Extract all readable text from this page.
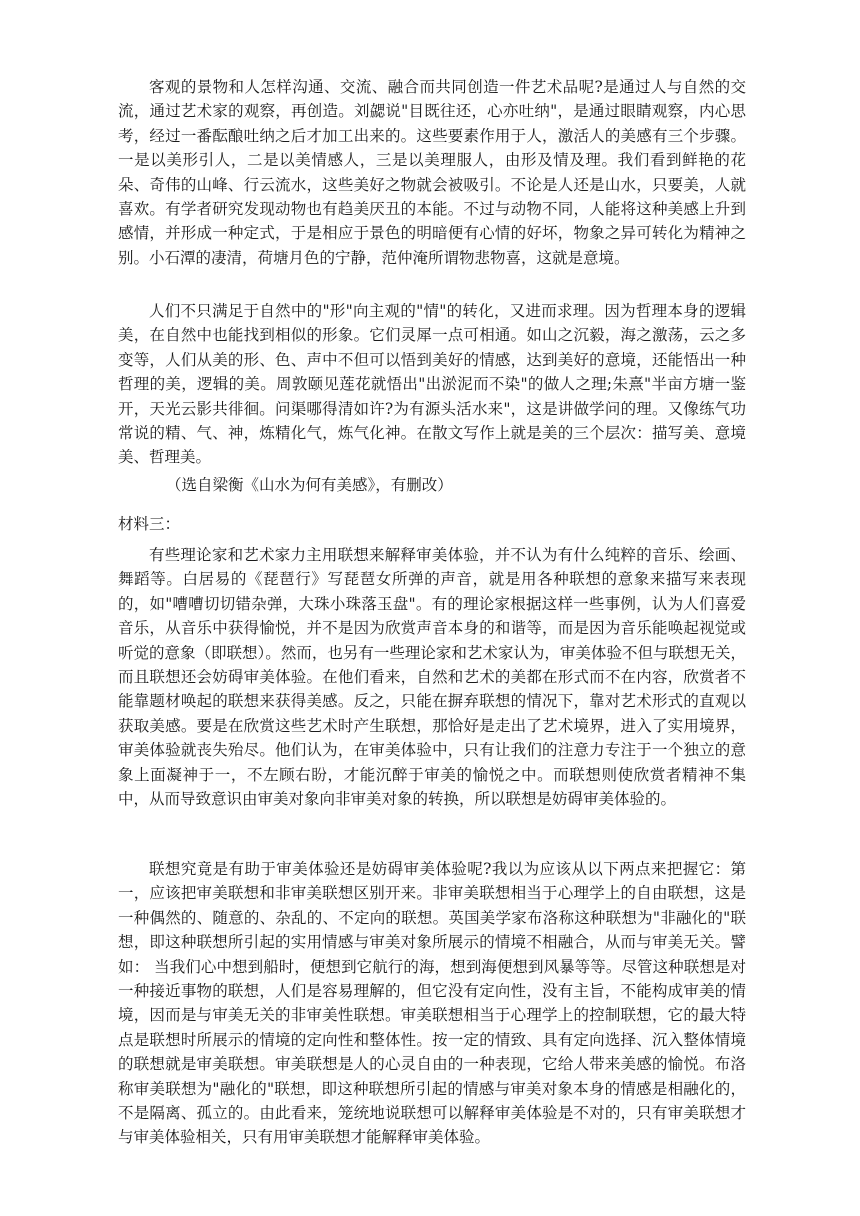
客观的景物和人怎样沟通、交流、融合而共同创造一件艺术品呢?是通过人与自然的交流，通过艺术家的观察，再创造。刘勰说"目既往还，心亦吐纳"，是通过眼睛观察，内心思考，经过一番酝酿吐纳之后才加工出来的。这些要素作用于人，激活人的美感有三个步骤。一是以美形引人，二是以美情感人，三是以美理服人，由形及情及理。我们看到鲜艳的花朵、奇伟的山峰、行云流水，这些美好之物就会被吸引。不论是人还是山水，只要美，人就喜欢。有学者研究发现动物也有趋美厌丑的本能。不过与动物不同，人能将这种美感上升到感情，并形成一种定式，于是相应于景色的明暗便有心情的好坏，物象之异可转化为精神之别。小石潭的凄清，荷塘月色的宁静，范仲淹所谓物悲物喜，这就是意境。

人们不只满足于自然中的"形"向主观的"情"的转化，又进而求理。因为哲理本身的逻辑美，在自然中也能找到相似的形象。它们灵犀一点可相通。如山之沉毅，海之激荡，云之多变等，人们从美的形、色、声中不但可以悟到美好的情感，达到美好的意境，还能悟出一种哲理的美，逻辑的美。周敦颐见莲花就悟出"出淤泥而不染"的做人之理;朱熹"半亩方塘一鉴开，天光云影共徘徊。问渠哪得清如许?为有源头活水来"，这是讲做学问的理。又像练气功常说的精、气、神，炼精化气，炼气化神。在散文写作上就是美的三个层次：描写美、意境美、哲理美。

（选自梁衡《山水为何有美感》，有删改）

材料三：

有些理论家和艺术家力主用联想来解释审美体验，并不认为有什么纯粹的音乐、绘画、舞蹈等。白居易的《琵琶行》写琵琶女所弹的声音，就是用各种联想的意象来描写来表现的，如"嘈嘈切切错杂弹，大珠小珠落玉盘"。有的理论家根据这样一些事例，认为人们喜爱音乐，从音乐中获得愉悦，并不是因为欣赏声音本身的和谐等，而是因为音乐能唤起视觉或听觉的意象（即联想）。然而，也另有一些理论家和艺术家认为，审美体验不但与联想无关，而且联想还会妨碍审美体验。在他们看来，自然和艺术的美都在形式而不在内容，欣赏者不能靠题材唤起的联想来获得美感。反之，只能在摒弃联想的情况下，靠对艺术形式的直观以获取美感。要是在欣赏这些艺术时产生联想，那恰好是走出了艺术境界，进入了实用境界，审美体验就丧失殆尽。他们认为，在审美体验中，只有让我们的注意力专注于一个独立的意象上面凝神于一，不左顾右盼，才能沉醉于审美的愉悦之中。而联想则使欣赏者精神不集中，从而导致意识由审美对象向非审美对象的转换，所以联想是妨碍审美体验的。

联想究竟是有助于审美体验还是妨碍审美体验呢?我以为应该从以下两点来把握它：第一，应该把审美联想和非审美联想区别开来。非审美联想相当于心理学上的自由联想，这是一种偶然的、随意的、杂乱的、不定向的联想。英国美学家布洛称这种联想为"非融化的"联想，即这种联想所引起的实用情感与审美对象所展示的情境不相融合，从而与审美无关。譬如： 当我们心中想到船时，便想到它航行的海，想到海便想到风暴等等。尽管这种联想是对一种接近事物的联想，人们是容易理解的，但它没有定向性，没有主旨，不能构成审美的情境，因而是与审美无关的非审美性联想。审美联想相当于心理学上的控制联想，它的最大特点是联想时所展示的情境的定向性和整体性。按一定的情致、具有定向选择、沉入整体情境的联想就是审美联想。审美联想是人的心灵自由的一种表现，它给人带来美感的愉悦。布洛称审美联想为"融化的"联想，即这种联想所引起的情感与审美对象本身的情感是相融化的，不是隔离、孤立的。由此看来，笼统地说联想可以解释审美体验是不对的，只有审美联想才与审美体验相关，只有用审美联想才能解释审美体验。
